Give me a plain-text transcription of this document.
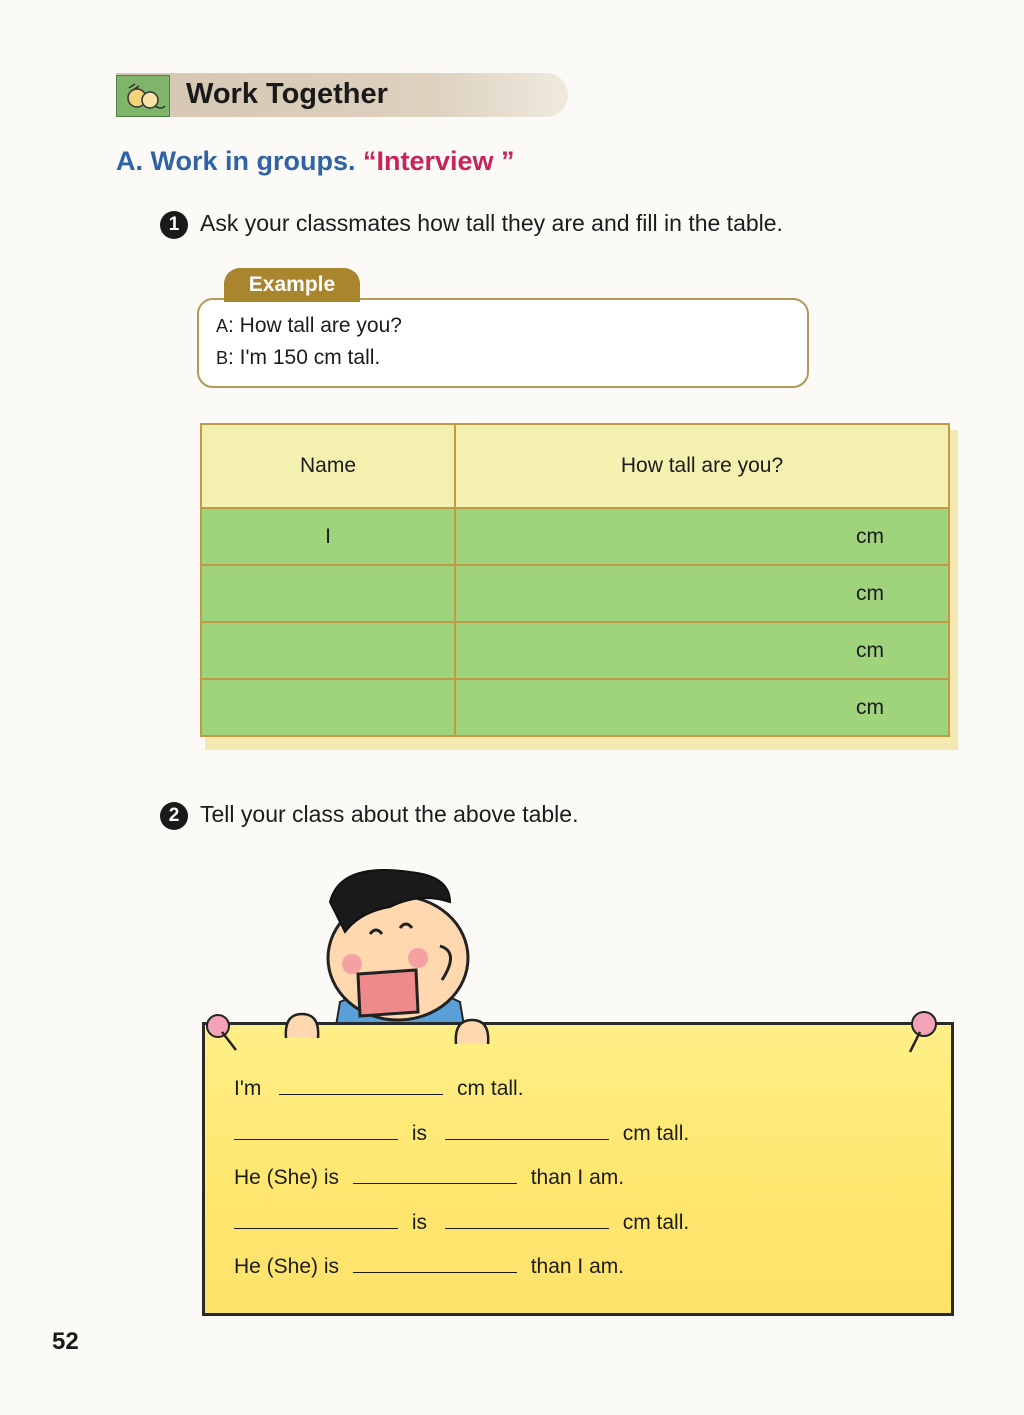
Work Together
A. Work in groups. “Interview ”
1 Ask your classmates how tall they are and fill in the table.
Example
A: How tall are you?
B: I'm 150 cm tall.
Name	How tall are you?
I	cm
	cm
	cm
	cm
2 Tell your class about the above table.
I'm	cm tall.
is	cm tall.
He (She) is	than I am.
is	cm tall.
He (She) is	than I am.
52
